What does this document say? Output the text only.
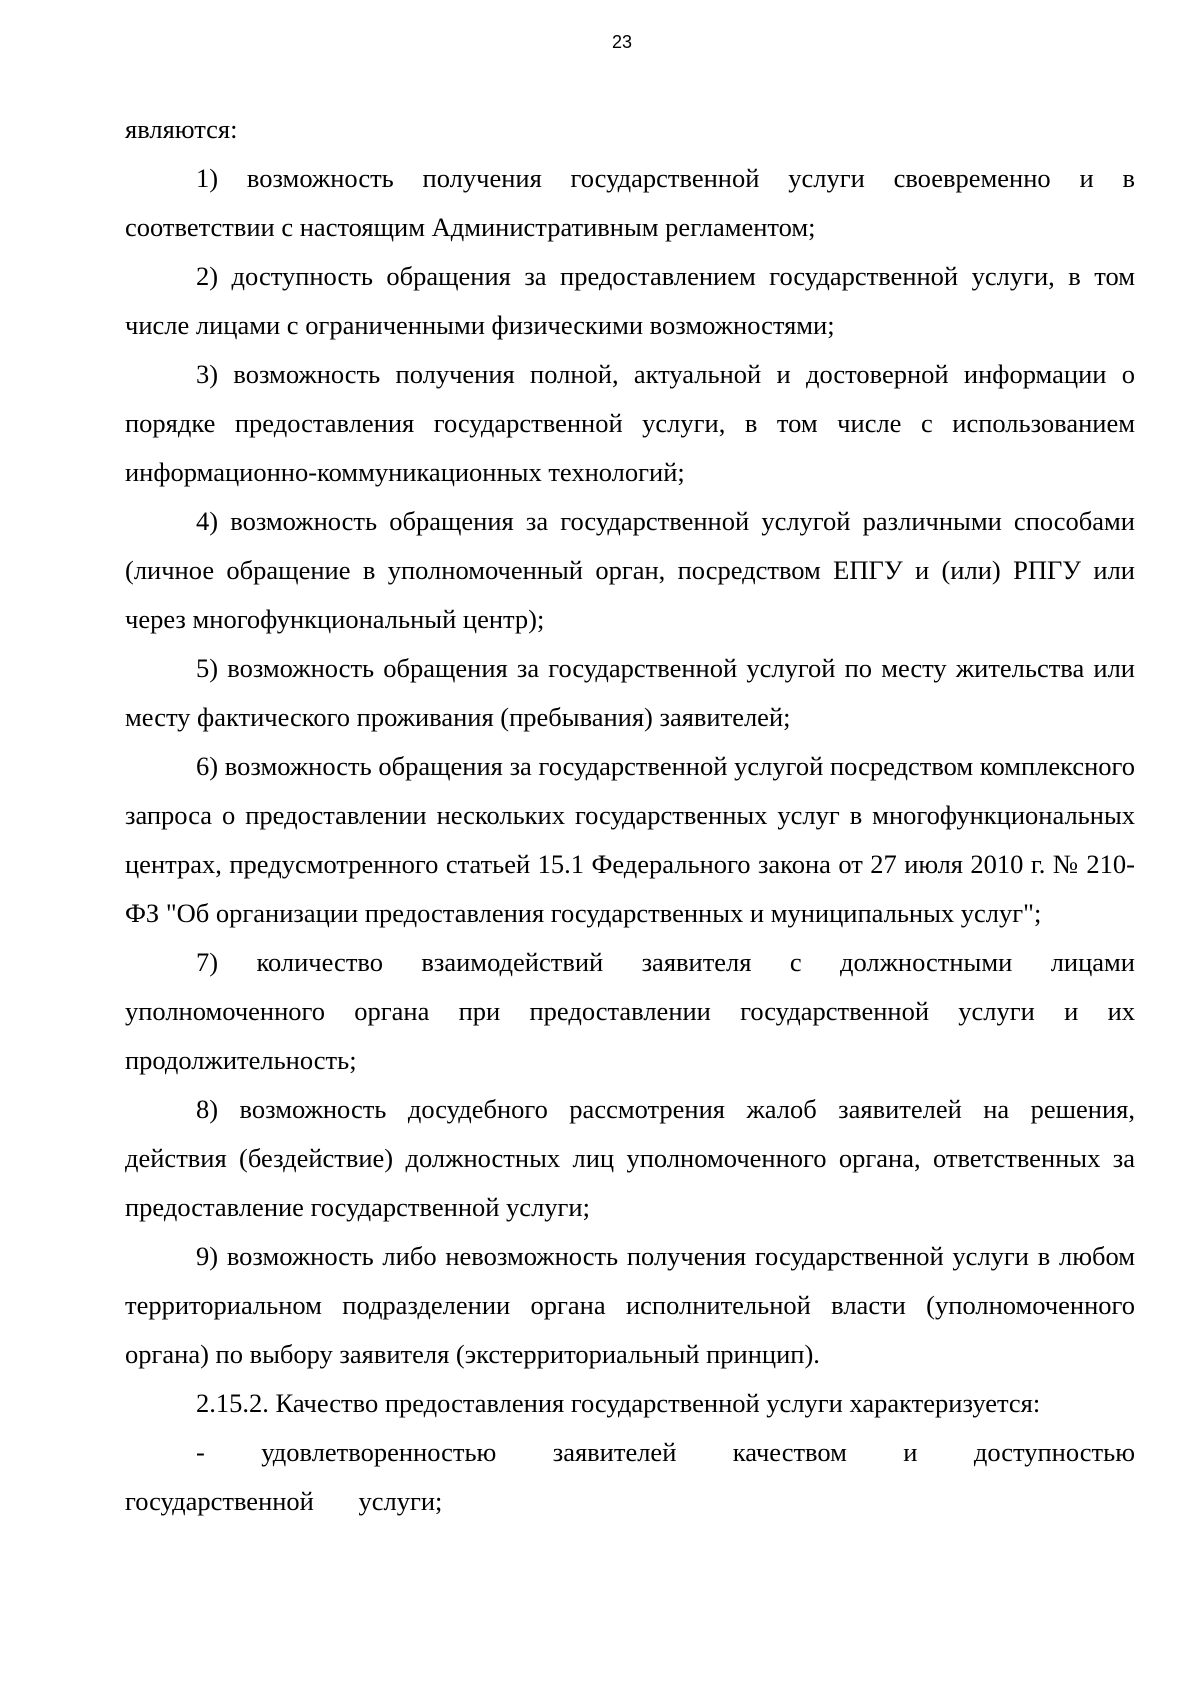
23

являются:

1) возможность получения государственной услуги своевременно и в соответствии с настоящим Административным регламентом;

2) доступность обращения за предоставлением государственной услуги, в том числе лицами с ограниченными физическими возможностями;

3) возможность получения полной, актуальной и достоверной информации о порядке предоставления государственной услуги, в том числе с использованием информационно-коммуникационных технологий;

4) возможность обращения за государственной услугой различными способами (личное обращение в уполномоченный орган, посредством ЕПГУ и (или) РПГУ или через многофункциональный центр);

5) возможность обращения за государственной услугой по месту жительства или месту фактического проживания (пребывания) заявителей;

6) возможность обращения за государственной услугой посредством комплексного запроса о предоставлении нескольких государственных услуг в многофункциональных центрах, предусмотренного статьей 15.1 Федерального закона от 27 июля 2010 г. № 210-ФЗ "Об организации предоставления государственных и муниципальных услуг";

7) количество взаимодействий заявителя с должностными лицами уполномоченного органа при предоставлении государственной услуги и их продолжительность;

8) возможность досудебного рассмотрения жалоб заявителей на решения, действия (бездействие) должностных лиц уполномоченного органа, ответственных за предоставление государственной услуги;

9) возможность либо невозможность получения государственной услуги в любом территориальном подразделении органа исполнительной власти (уполномоченного органа) по выбору заявителя (экстерриториальный принцип).

2.15.2. Качество предоставления государственной услуги характеризуется:

- удовлетворенностью заявителей качеством и доступностью государственной услуги;
